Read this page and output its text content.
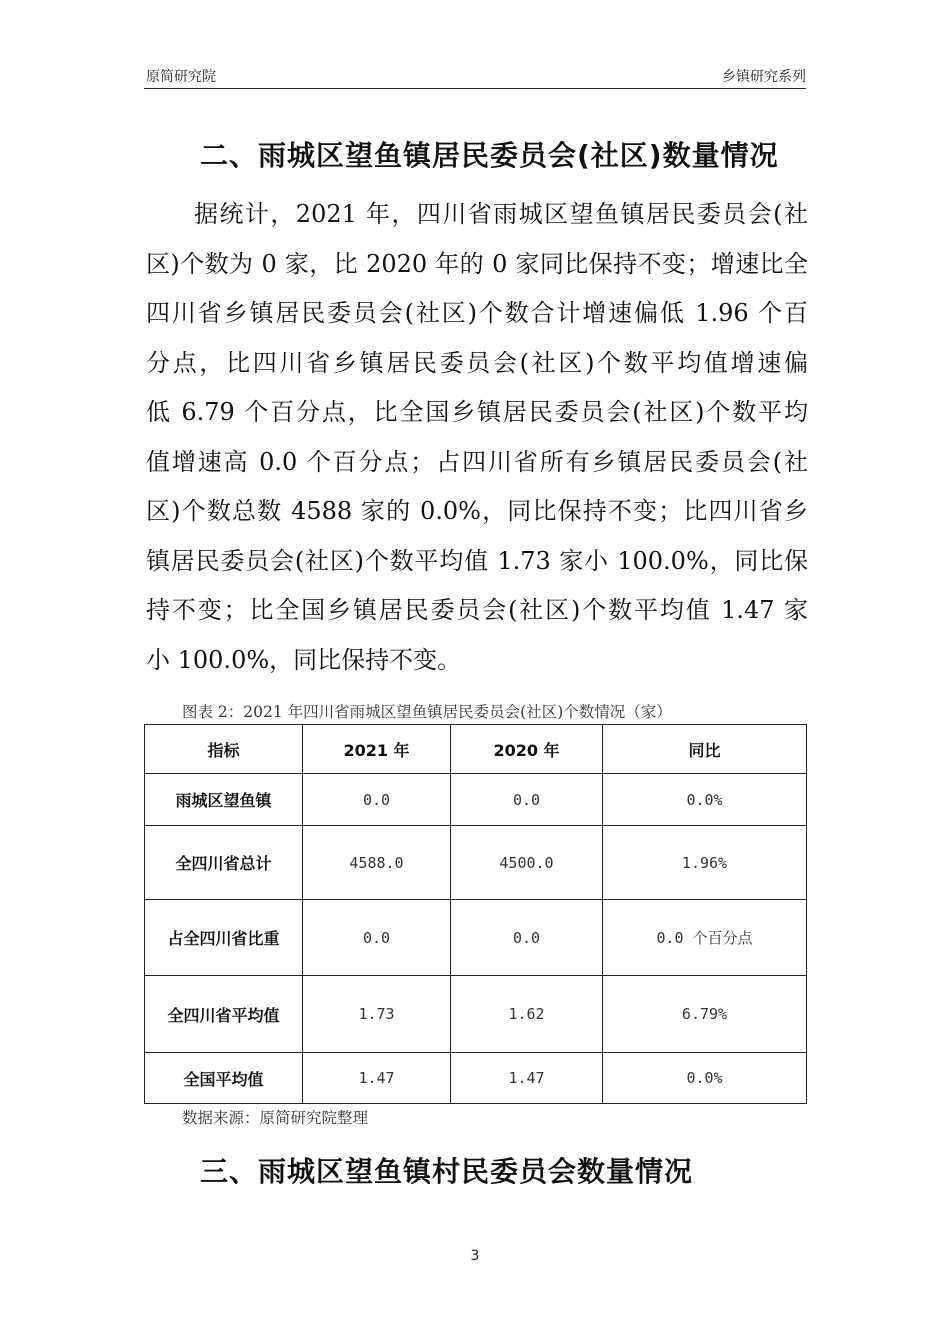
原简研究院	乡镇研究系列
二、雨城区望鱼镇居民委员会(社区)数量情况
据统计，2021 年，四川省雨城区望鱼镇居民委员会(社
区)个数为 0 家，比 2020 年的 0 家同比保持不变；增速比全
四川省乡镇居民委员会(社区)个数合计增速偏低 1.96 个百
分点，比四川省乡镇居民委员会(社区)个数平均值增速偏
低 6.79 个百分点，比全国乡镇居民委员会(社区)个数平均
值增速高 0.0 个百分点；占四川省所有乡镇居民委员会(社
区)个数总数 4588 家的 0.0%，同比保持不变；比四川省乡
镇居民委员会(社区)个数平均值 1.73 家小 100.0%，同比保
持不变；比全国乡镇居民委员会(社区)个数平均值 1.47 家
小 100.0%，同比保持不变。
图表 2：2021 年四川省雨城区望鱼镇居民委员会(社区)个数情况（家）
指标	2021 年	2020 年	同比
雨城区望鱼镇	0.0	0.0	0.0%
全四川省总计	4588.0	4500.0	1.96%
占全四川省比重	0.0	0.0	0.0 个百分点
全四川省平均值	1.73	1.62	6.79%
全国平均值	1.47	1.47	0.0%
数据来源：原简研究院整理
三、雨城区望鱼镇村民委员会数量情况
3
